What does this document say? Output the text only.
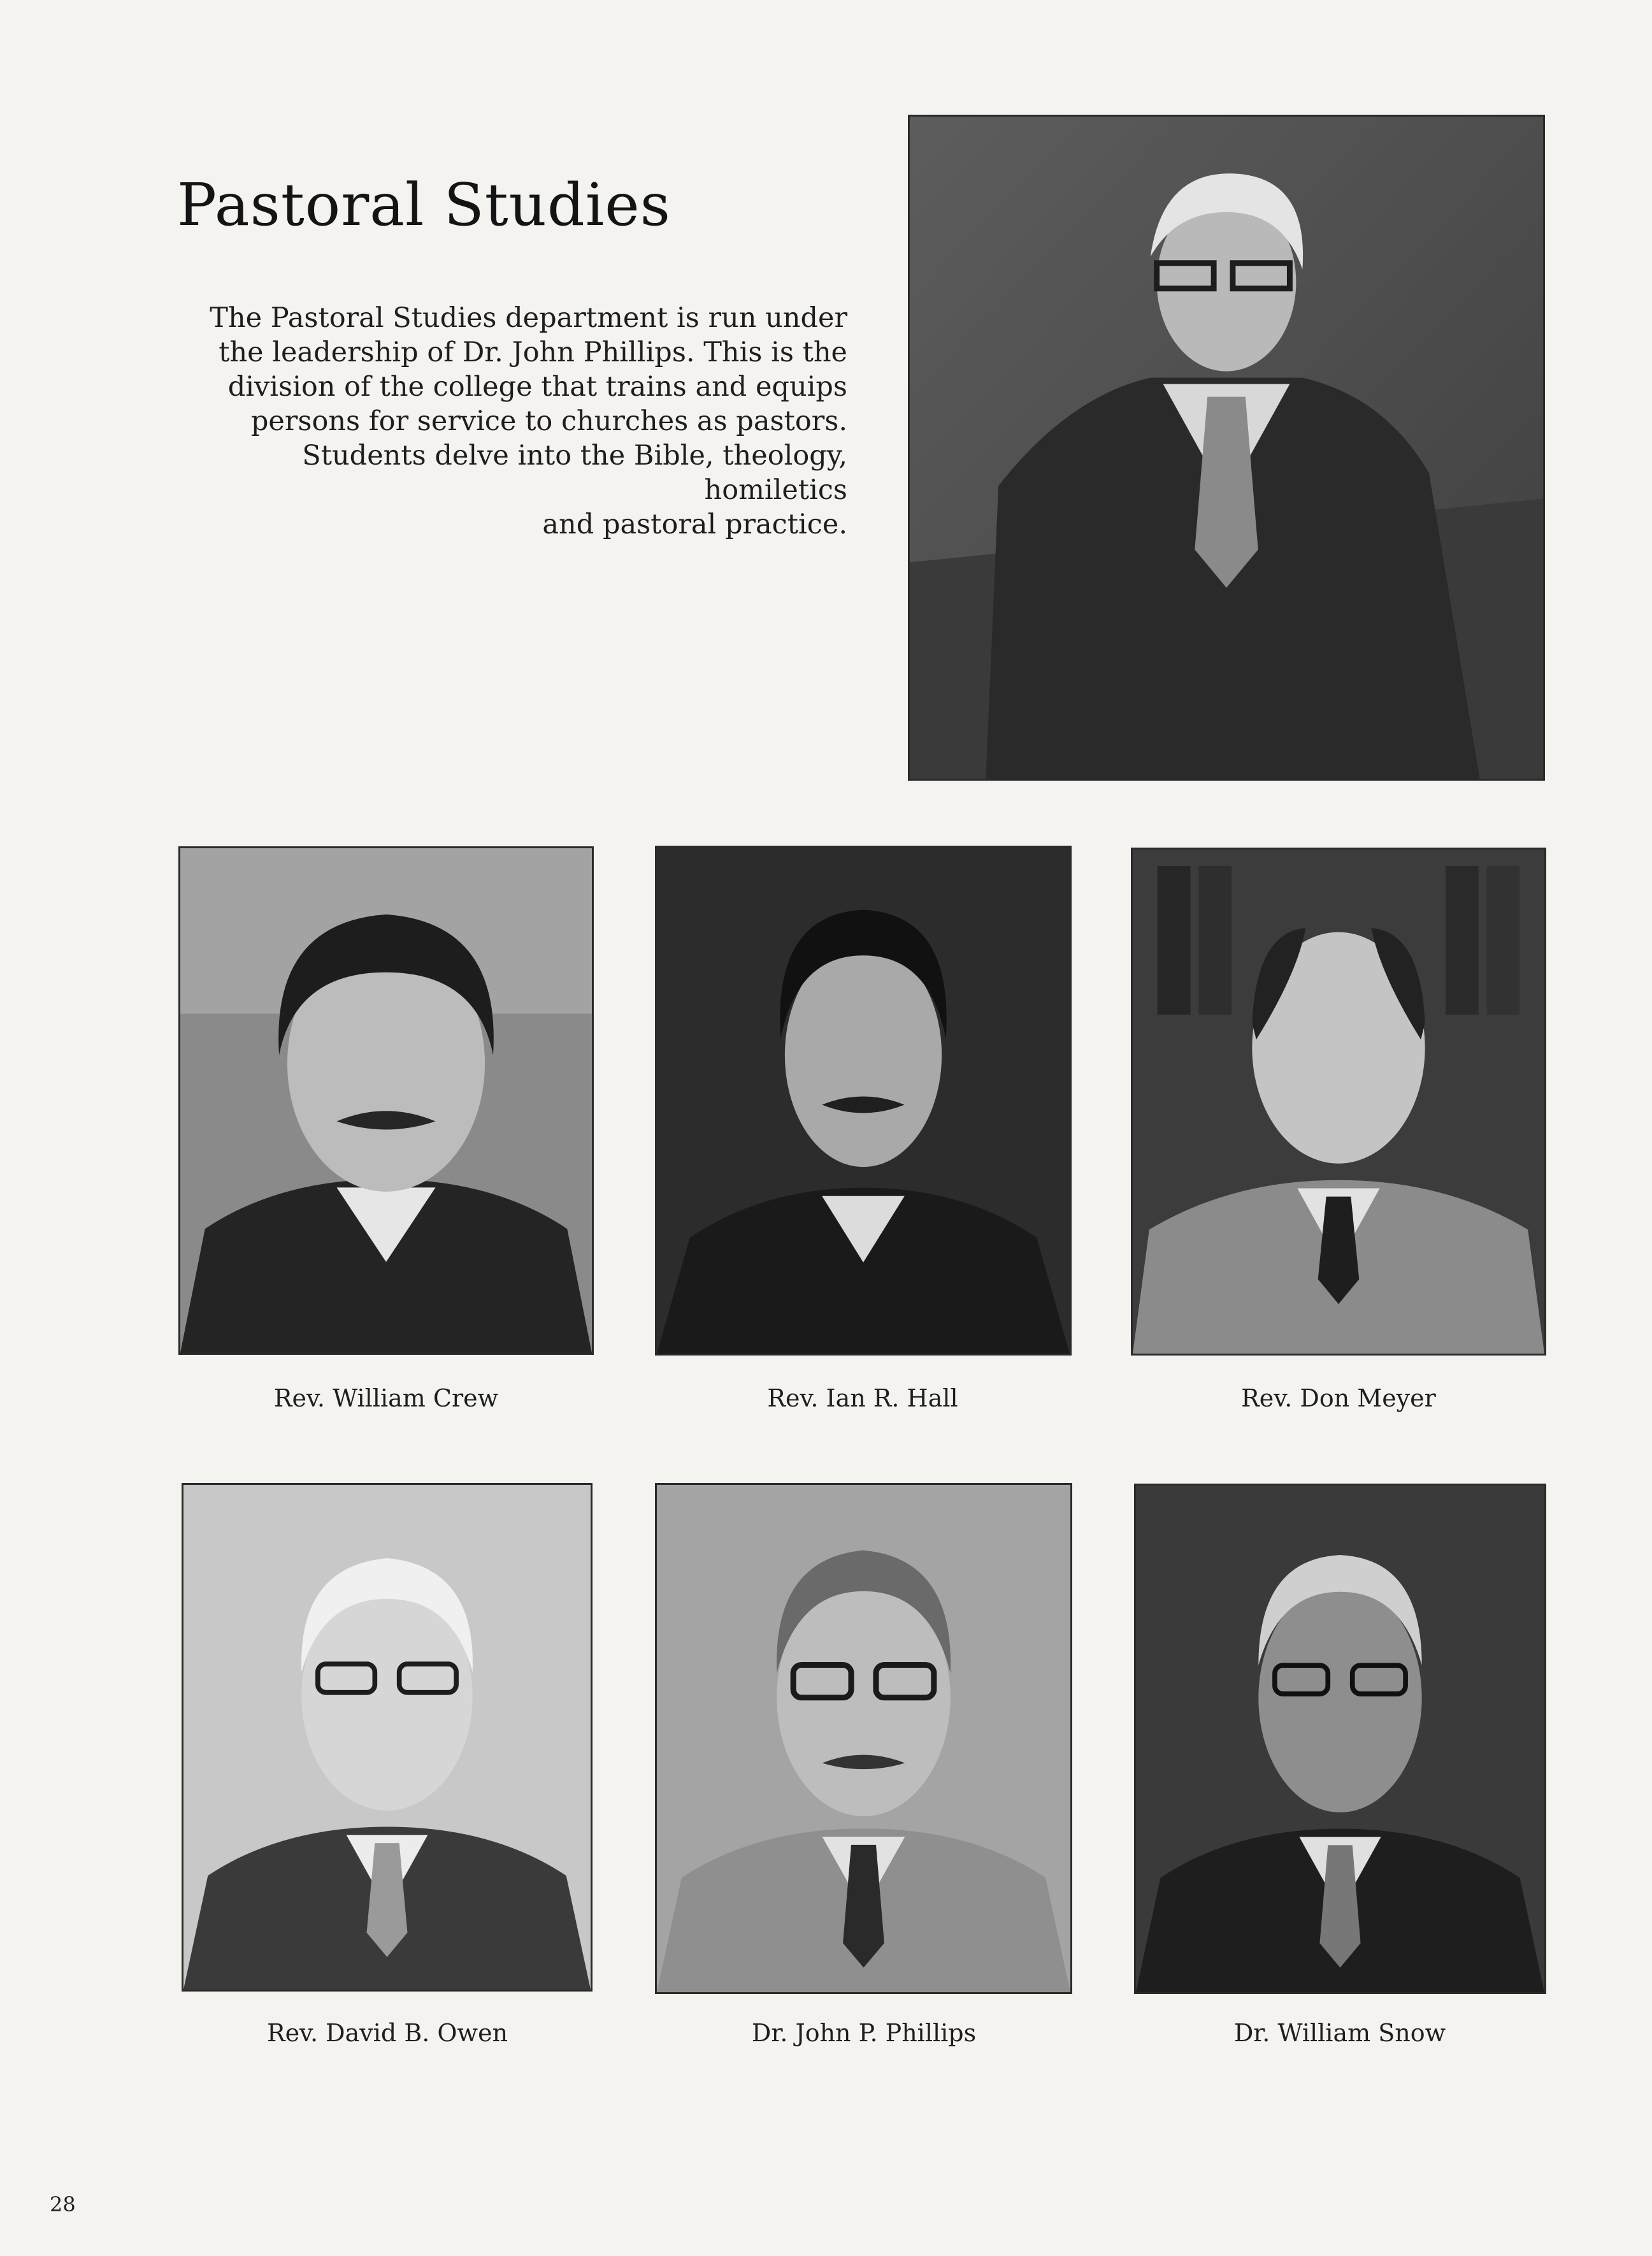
Pastoral Studies

The Pastoral Studies department is run under
the leadership of Dr. John Phillips. This is the
division of the college that trains and equips
persons for service to churches as pastors.
Students delve into the Bible, theology, homiletics
and pastoral practice.

Rev. William Crew	Rev. Ian R. Hall	Rev. Don Meyer
Rev. David B. Owen	Dr. John P. Phillips	Dr. William Snow
28
